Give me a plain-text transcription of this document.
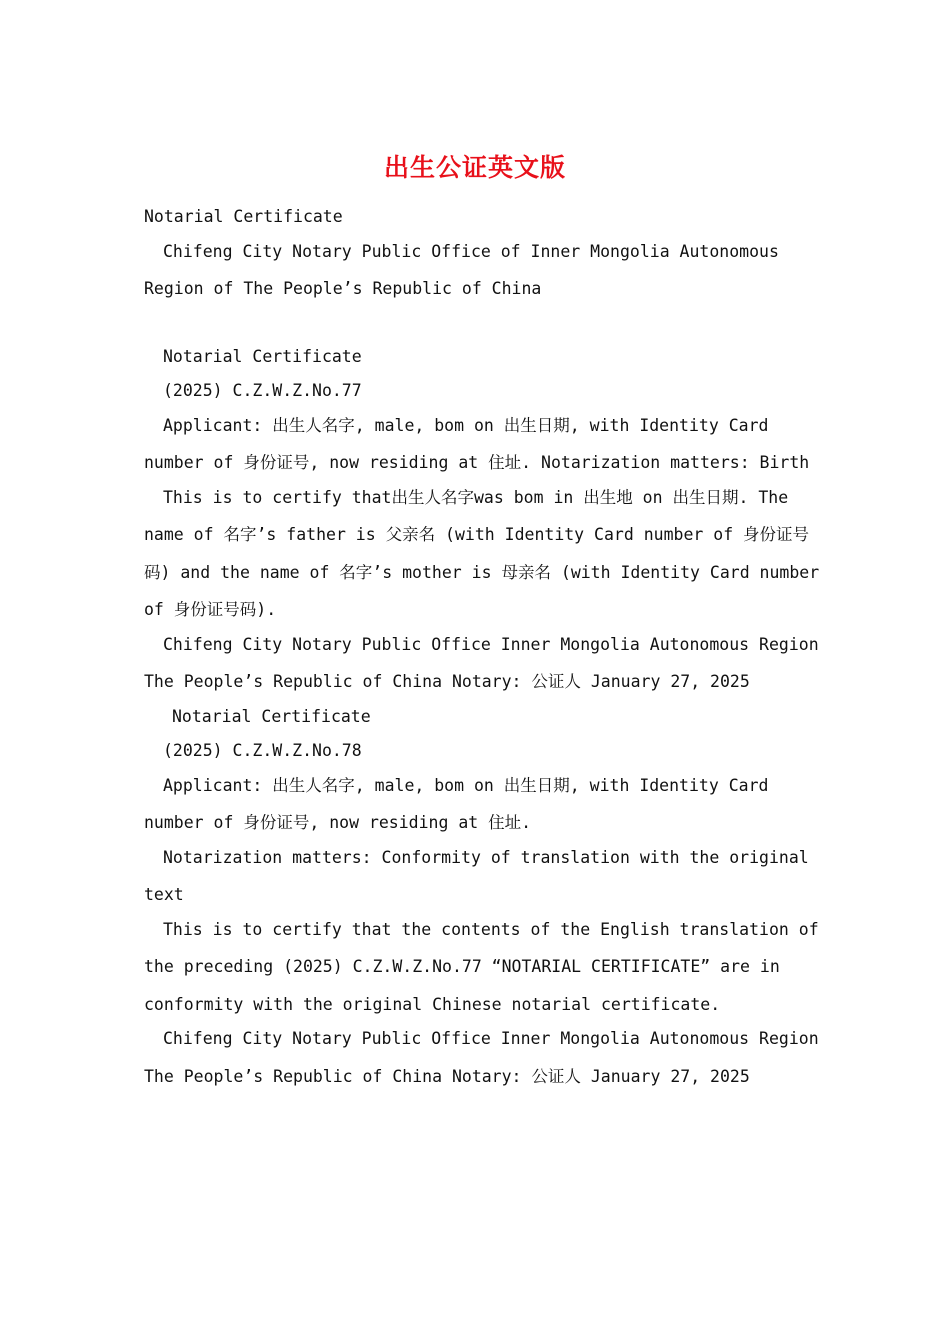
出生公证英文版

Notarial Certificate

Chifeng City Notary Public Office of Inner Mongolia Autonomous Region of The People’s Republic of China

Notarial Certificate

(2025) C.Z.W.Z.No.77

Applicant: 出生人名字, male, bom on 出生日期, with Identity Card number of 身份证号, now residing at 住址. Notarization matters: Birth

This is to certify that出生人名字was bom in 出生地 on 出生日期. The name of 名字’s father is 父亲名 (with Identity Card number of 身份证号码) and the name of 名字’s mother is 母亲名 (with Identity Card number of 身份证号码).

Chifeng City Notary Public Office Inner Mongolia Autonomous Region The People’s Republic of China Notary: 公证人 January 27, 2025

Notarial Certificate

(2025) C.Z.W.Z.No.78

Applicant: 出生人名字, male, bom on 出生日期, with Identity Card number of 身份证号, now residing at 住址.

Notarization matters: Conformity of translation with the original text

This is to certify that the contents of the English translation of the preceding (2025) C.Z.W.Z.No.77 “NOTARIAL CERTIFICATE” are in conformity with the original Chinese notarial certificate.

Chifeng City Notary Public Office Inner Mongolia Autonomous Region The People’s Republic of China Notary: 公证人 January 27, 2025
